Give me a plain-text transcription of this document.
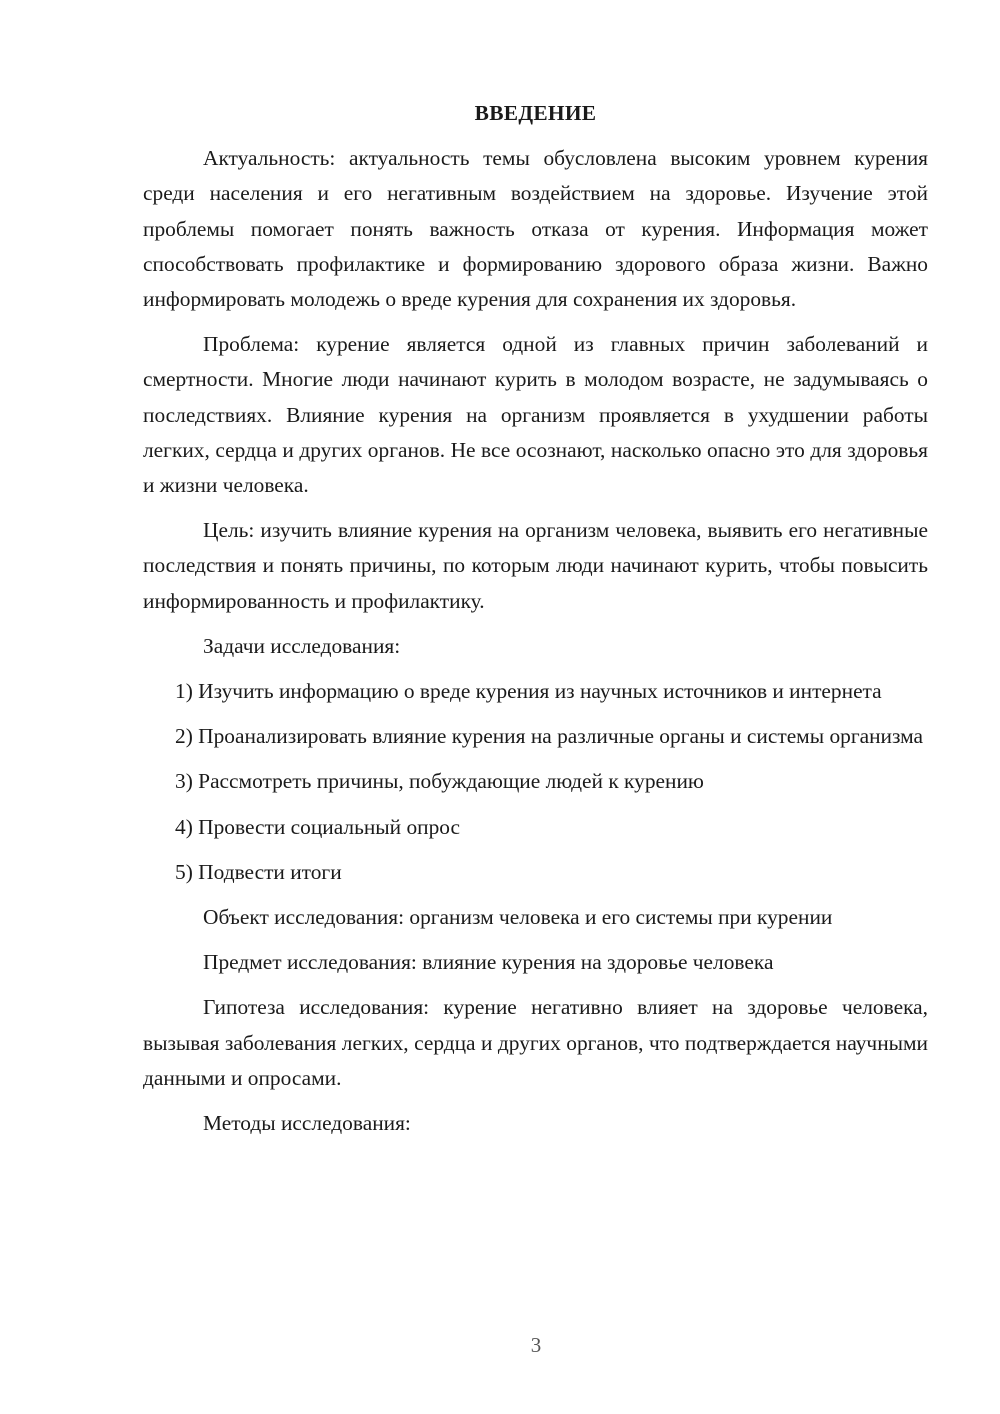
ВВЕДЕНИЕ

Актуальность: актуальность темы обусловлена высоким уровнем курения среди населения и его негативным воздействием на здоровье. Изучение этой проблемы помогает понять важность отказа от курения. Информация может способствовать профилактике и формированию здорового образа жизни. Важно информировать молодежь о вреде курения для сохранения их здоровья.

Проблема: курение является одной из главных причин заболеваний и смертности. Многие люди начинают курить в молодом возрасте, не задумываясь о последствиях. Влияние курения на организм проявляется в ухудшении работы легких, сердца и других органов. Не все осознают, насколько опасно это для здоровья и жизни человека.

Цель: изучить влияние курения на организм человека, выявить его негативные последствия и понять причины, по которым люди начинают курить, чтобы повысить информированность и профилактику.

Задачи исследования:

1) Изучить информацию о вреде курения из научных источников и интернета

2) Проанализировать влияние курения на различные органы и системы организма

3) Рассмотреть причины, побуждающие людей к курению

4) Провести социальный опрос

5) Подвести итоги

Объект исследования: организм человека и его системы при курении

Предмет исследования: влияние курения на здоровье человека

Гипотеза исследования: курение негативно влияет на здоровье человека, вызывая заболевания легких, сердца и других органов, что подтверждается научными данными и опросами.

Методы исследования:

3
